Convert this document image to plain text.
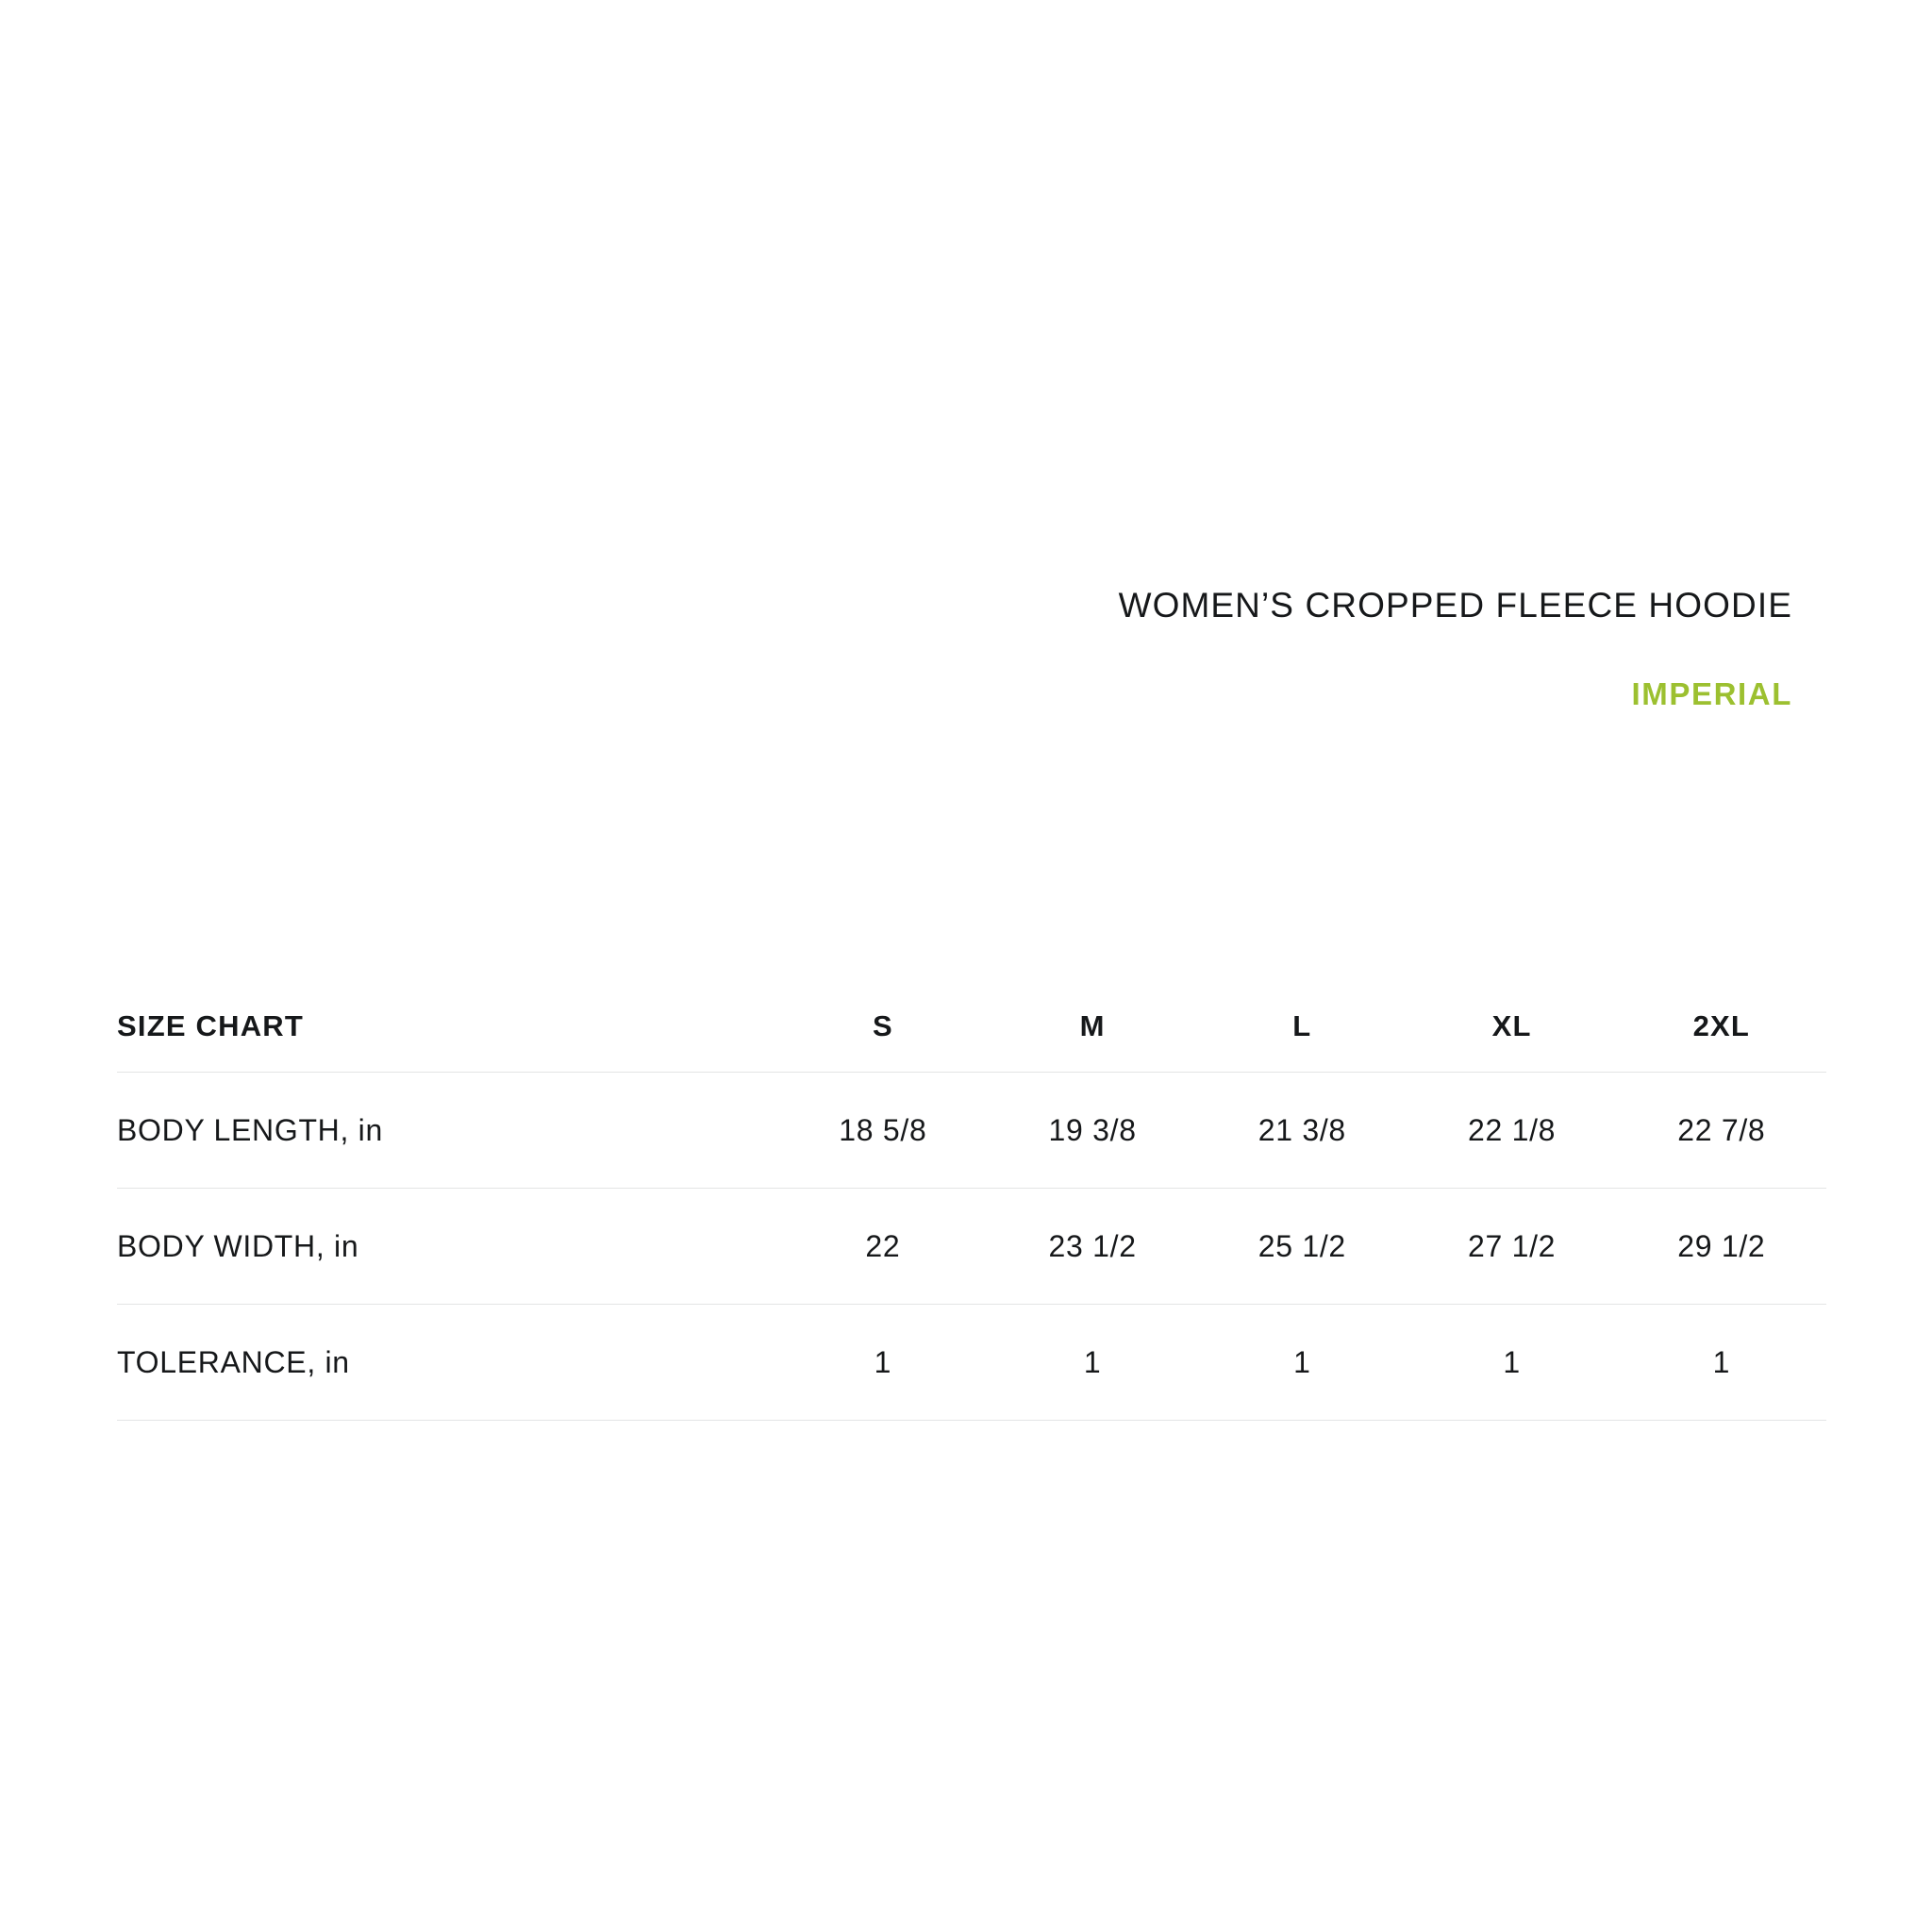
WOMEN’S CROPPED FLEECE HOODIE
IMPERIAL
SIZE CHART	S	M	L	XL	2XL
BODY LENGTH, in	18 5/8	19 3/8	21 3/8	22 1/8	22 7/8
BODY WIDTH, in	22	23 1/2	25 1/2	27 1/2	29 1/2
TOLERANCE, in	1	1	1	1	1
